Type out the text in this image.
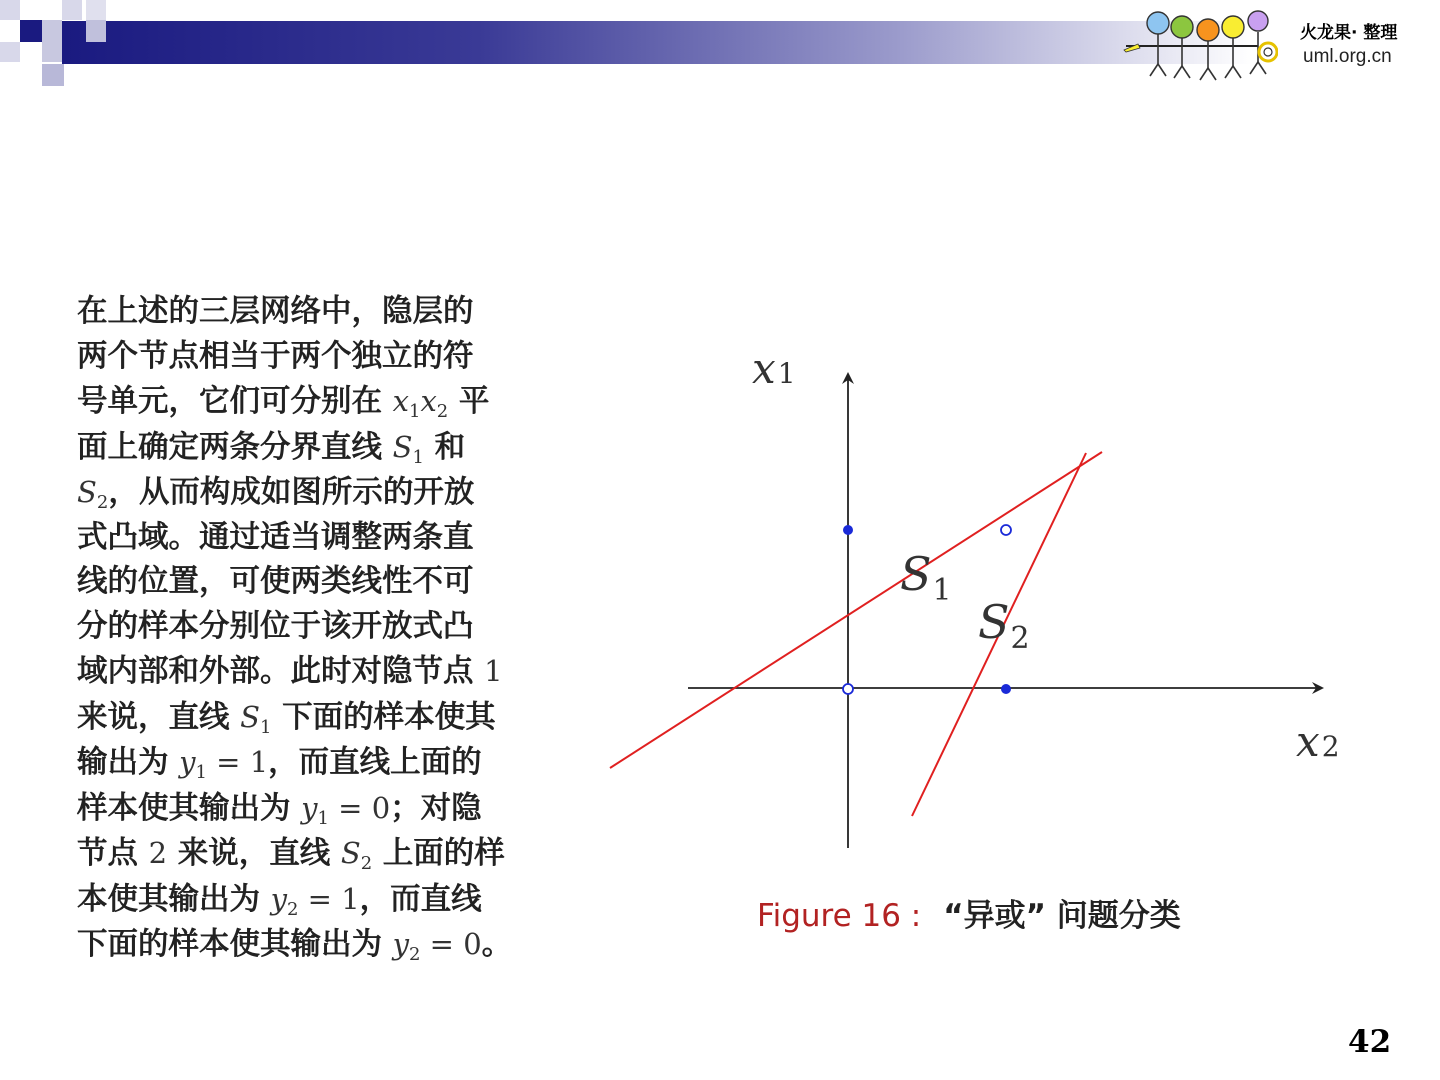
火龙果· 整理
uml.org.cn
在上述的三层网络中，隐层的
两个节点相当于两个独立的符
号单元，它们可分别在 $x_1x_2$ 平
面上确定两条分界直线 $S_1$ 和
$S_2$，从而构成如图所示的开放
式凸域。通过适当调整两条直
线的位置，可使两类线性不可
分的样本分别位于该开放式凸
域内部和外部。此时对隐节点 1
来说，直线 $S_1$ 下面的样本使其
输出为 $y_1 = 1$，而直线上面的
样本使其输出为 $y_1 = 0$；对隐
节点 2 来说，直线 $S_2$ 上面的样
本使其输出为 $y_2 = 1$，而直线
下面的样本使其输出为 $y_2 = 0$。
x1
x2
$S_1$
$S_2$
Figure 16 : “异或” 问题分类
42
